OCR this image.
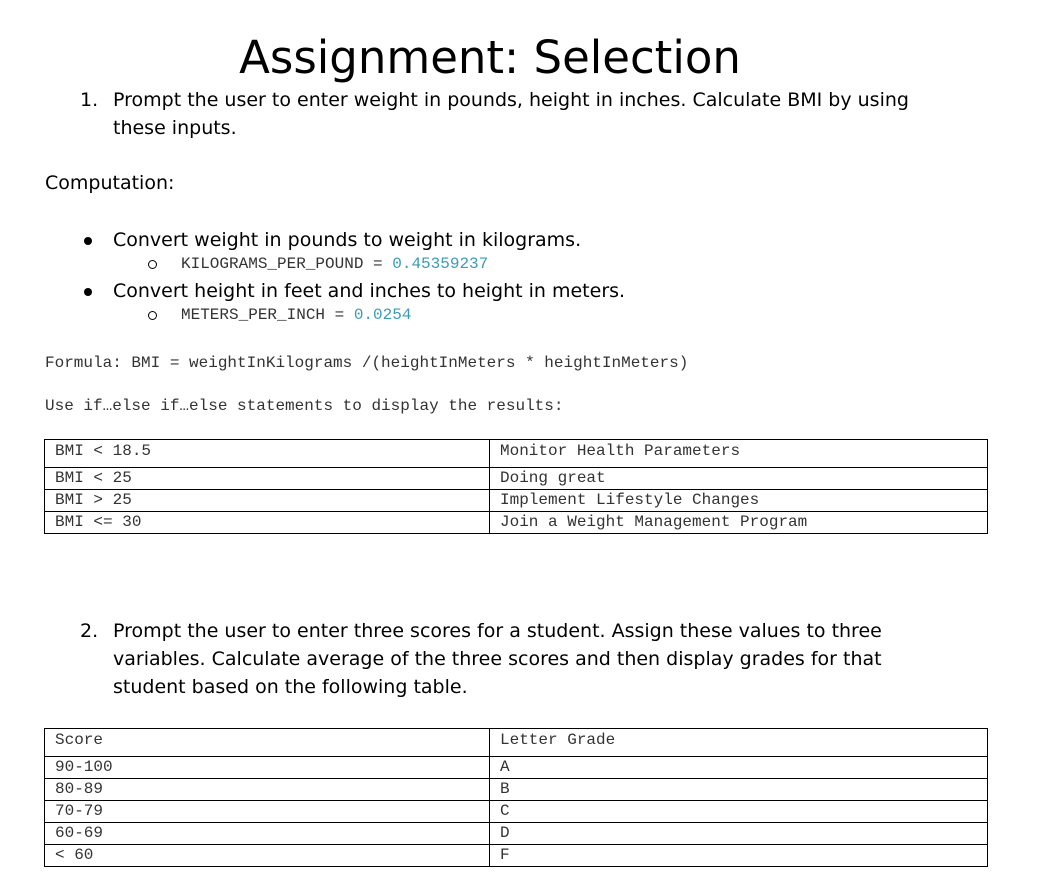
Assignment: Selection
1. Prompt the user to enter weight in pounds, height in inches. Calculate BMI by using these inputs.
Computation:
Convert weight in pounds to weight in kilograms.
KILOGRAMS_PER_POUND = 0.45359237
Convert height in feet and inches to height in meters.
METERS_PER_INCH = 0.0254
Formula: BMI = weightInKilograms /(heightInMeters * heightInMeters)
Use if…else if…else statements to display the results:
BMI < 18.5	Monitor Health Parameters
BMI < 25	Doing great
BMI > 25	Implement Lifestyle Changes
BMI <= 30	Join a Weight Management Program
2. Prompt the user to enter three scores for a student. Assign these values to three variables. Calculate average of the three scores and then display grades for that student based on the following table.
Score	Letter Grade
90-100	A
80-89	B
70-79	C
60-69	D
< 60	F
